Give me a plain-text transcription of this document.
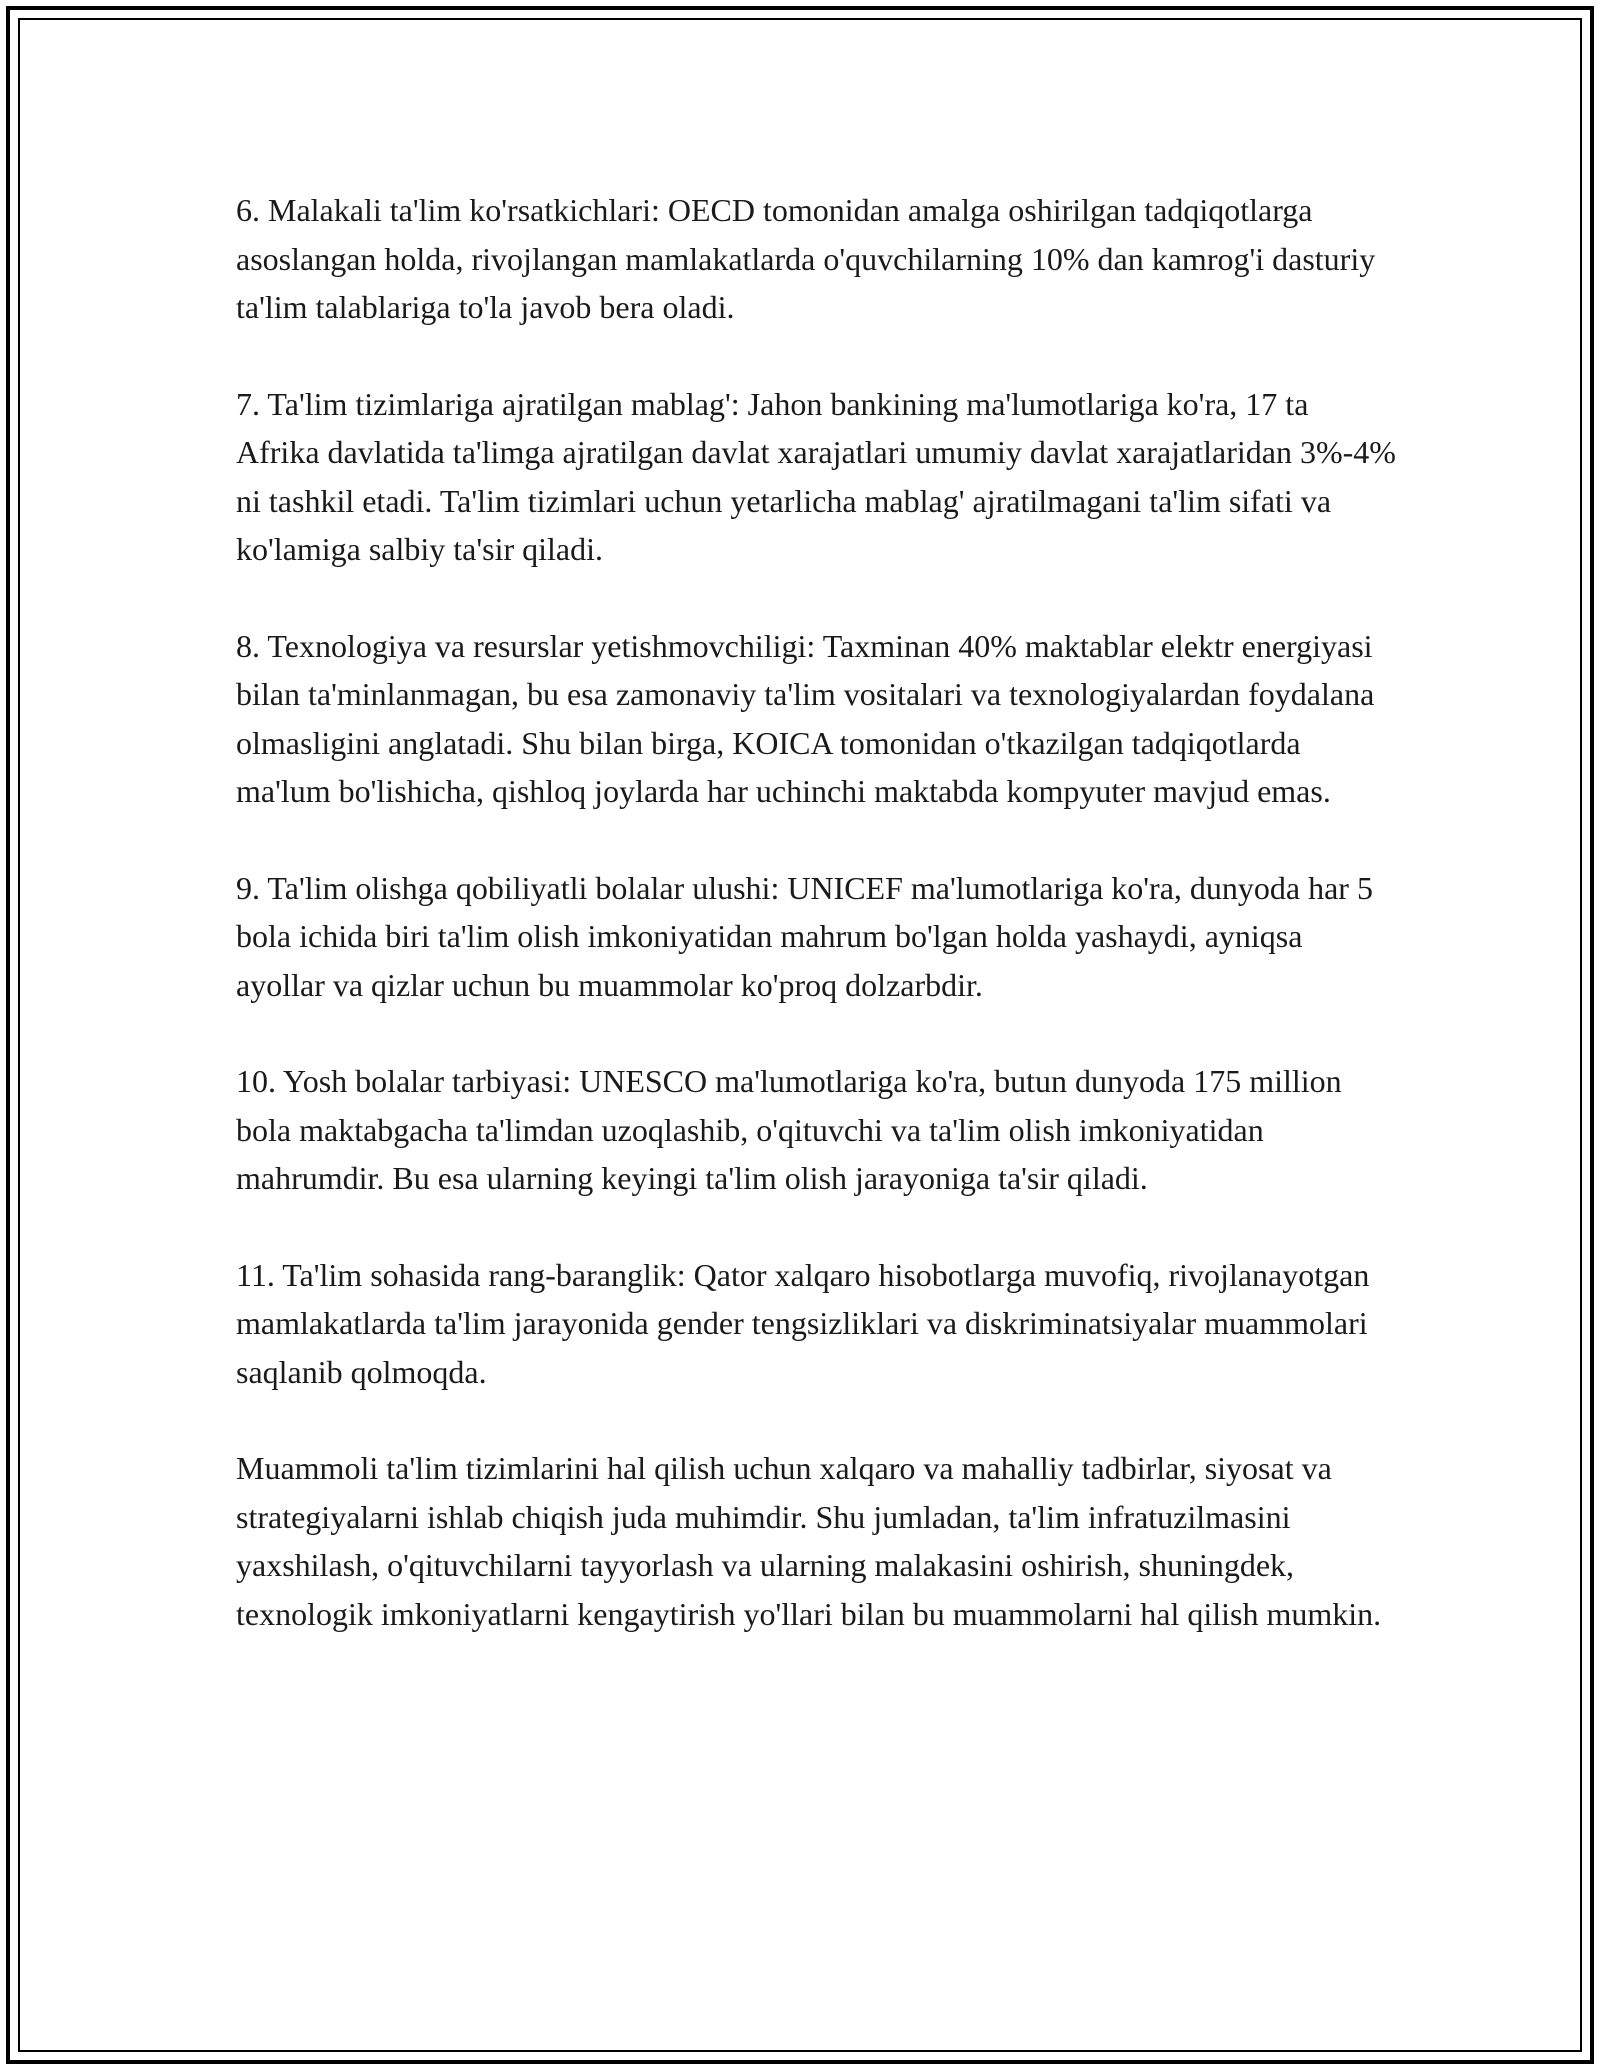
6. Malakali ta'lim ko'rsatkichlari: OECD tomonidan amalga oshirilgan tadqiqotlarga asoslangan holda, rivojlangan mamlakatlarda o'quvchilarning 10% dan kamrog'i dasturiy ta'lim talablariga to'la javob bera oladi.

7. Ta'lim tizimlariga ajratilgan mablag': Jahon bankining ma'lumotlariga ko'ra, 17 ta Afrika davlatida ta'limga ajratilgan davlat xarajatlari umumiy davlat xarajatlaridan 3%-4% ni tashkil etadi. Ta'lim tizimlari uchun yetarlicha mablag' ajratilmagani ta'lim sifati va ko'lamiga salbiy ta'sir qiladi.

8. Texnologiya va resurslar yetishmovchiligi: Taxminan 40% maktablar elektr energiyasi bilan ta'minlanmagan, bu esa zamonaviy ta'lim vositalari va texnologiyalardan foydalana olmasligini anglatadi. Shu bilan birga, KOICA tomonidan o'tkazilgan tadqiqotlarda ma'lum bo'lishicha, qishloq joylarda har uchinchi maktabda kompyuter mavjud emas.

9. Ta'lim olishga qobiliyatli bolalar ulushi: UNICEF ma'lumotlariga ko'ra, dunyoda har 5 bola ichida biri ta'lim olish imkoniyatidan mahrum bo'lgan holda yashaydi, ayniqsa ayollar va qizlar uchun bu muammolar ko'proq dolzarbdir.

10. Yosh bolalar tarbiyasi: UNESCO ma'lumotlariga ko'ra, butun dunyoda 175 million bola maktabgacha ta'limdan uzoqlashib, o'qituvchi va ta'lim olish imkoniyatidan mahrumdir. Bu esa ularning keyingi ta'lim olish jarayoniga ta'sir qiladi.

11. Ta'lim sohasida rang-baranglik: Qator xalqaro hisobotlarga muvofiq, rivojlanayotgan mamlakatlarda ta'lim jarayonida gender tengsizliklari va diskriminatsiyalar muammolari saqlanib qolmoqda.

Muammoli ta'lim tizimlarini hal qilish uchun xalqaro va mahalliy tadbirlar, siyosat va strategiyalarni ishlab chiqish juda muhimdir. Shu jumladan, ta'lim infratuzilmasini yaxshilash, o'qituvchilarni tayyorlash va ularning malakasini oshirish, shuningdek, texnologik imkoniyatlarni kengaytirish yo'llari bilan bu muammolarni hal qilish mumkin.
